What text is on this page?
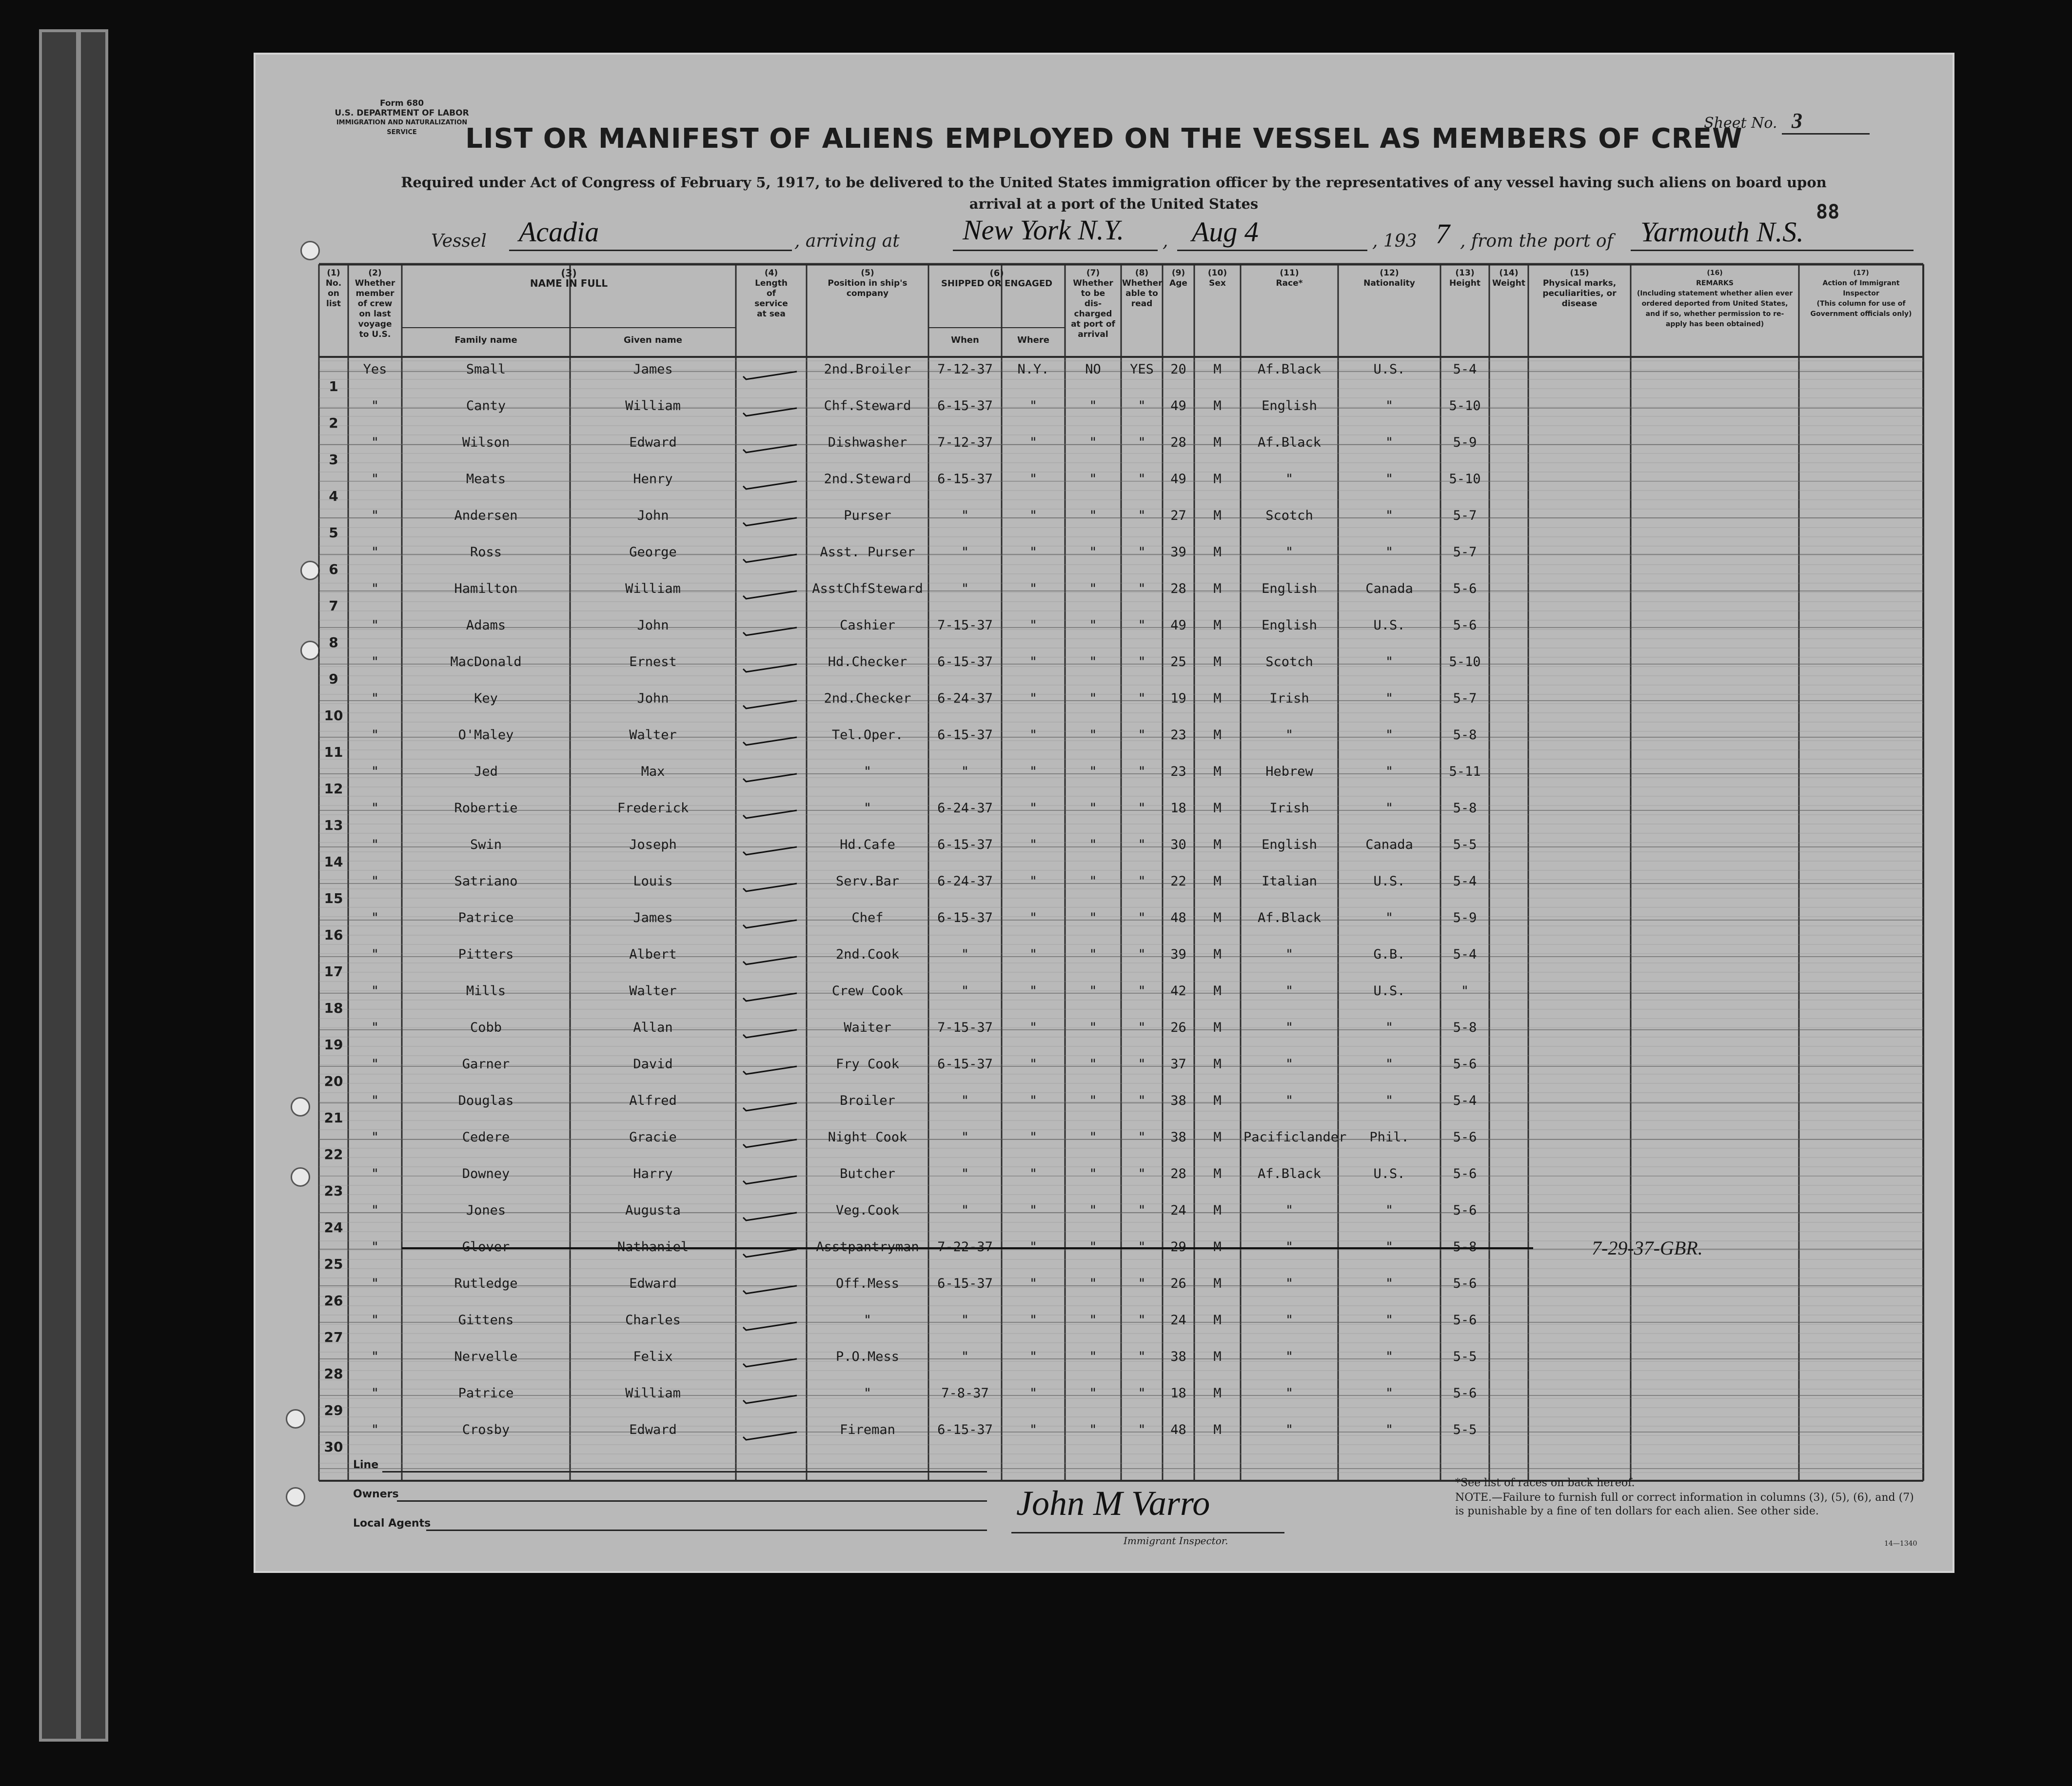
Form 680
U.S. DEPARTMENT OF LABOR
IMMIGRATION AND NATURALIZATION SERVICE
Sheet No. 3
LIST OR MANIFEST OF ALIENS EMPLOYED ON THE VESSEL AS MEMBERS OF CREW
Required under Act of Congress of February 5, 1917, to be delivered to the United States immigration officer by the representatives of any vessel having such aliens on board upon arrival at a port of the United States	88
Vessel Acadia	, arriving at New York N.Y. , Aug 4	, 193 7 , from the port of Yarmouth N.S.
(1)
No.
on
list
(2)
Whether
member
of crew
on last
voyage
to U.S.
(4)
Length
of
service
at sea
(5)
Position in ship's
company
(7)
Whether
to be
dis-
charged
at port of
arrival
(8)
Whether
able to
read
(9)
Age
(10)
Sex
(11)
Race*
(12)
Nationality
(13)
Height
(14)
Weight
(15)
Physical marks,
peculiarities, or
disease
(16)
REMARKS
(Including statement whether alien ever
ordered deported from United States,
and if so, whether permission to re-
apply has been obtained)
(17)
Action of Immigrant
Inspector
(This column for use of
Government officials only)
(3)
NAME IN FULL
Family name	Given name
(6)
SHIPPED OR ENGAGED
When	Where
1
Yes	Small	James	2nd.Broiler	7-12-37	N.Y.	NO	YES	20	M	Af.Black	U.S.	5-4
2
"	Canty	William	Chf.Steward	6-15-37	"	"	"	49	M	English	"	5-10
3
"	Wilson	Edward	Dishwasher	7-12-37	"	"	"	28	M	Af.Black	"	5-9
4
"	Meats	Henry	2nd.Steward	6-15-37	"	"	"	49	M	"	"	5-10
5
"	Andersen	John	Purser	"	"	"	"	27	M	Scotch	"	5-7
6
"	Ross	George	Asst. Purser	"	"	"	"	39	M	"	"	5-7
7
"	Hamilton	William	AsstChfSteward	"	"	"	"	28	M	English	Canada	5-6
8
"	Adams	John	Cashier	7-15-37	"	"	"	49	M	English	U.S.	5-6
9
"	MacDonald	Ernest	Hd.Checker	6-15-37	"	"	"	25	M	Scotch	"	5-10
10
"	Key	John	2nd.Checker	6-24-37	"	"	"	19	M	Irish	"	5-7
11
"	O'Maley	Walter	Tel.Oper.	6-15-37	"	"	"	23	M	"	"	5-8
12
"	Jed	Max	"	"	"	"	"	23	M	Hebrew	"	5-11
13
"	Robertie	Frederick	"	6-24-37	"	"	"	18	M	Irish	"	5-8
14
"	Swin	Joseph	Hd.Cafe	6-15-37	"	"	"	30	M	English	Canada	5-5
15
"	Satriano	Louis	Serv.Bar	6-24-37	"	"	"	22	M	Italian	U.S.	5-4
16
"	Patrice	James	Chef	6-15-37	"	"	"	48	M	Af.Black	"	5-9
17
"	Pitters	Albert	2nd.Cook	"	"	"	"	39	M	"	G.B.	5-4
18
"	Mills	Walter	Crew Cook	"	"	"	"	42	M	"	U.S.	"
19
"	Cobb	Allan	Waiter	7-15-37	"	"	"	26	M	"	"	5-8
20
"	Garner	David	Fry Cook	6-15-37	"	"	"	37	M	"	"	5-6
21
"	Douglas	Alfred	Broiler	"	"	"	"	38	M	"	"	5-4
22
"	Cedere	Gracie	Night Cook	"	"	"	"	38	M	Pacificlander	Phil.	5-6
23
"	Downey	Harry	Butcher	"	"	"	"	28	M	Af.Black	U.S.	5-6
24
"	Jones	Augusta	Veg.Cook	"	"	"	"	24	M	"	"	5-6
25
"	Glover	Nathaniel	Asstpantryman	7-22-37	"	"	"	29	M	"	"	5-8	7-29-37-GBR.
26
"	Rutledge	Edward	Off.Mess	6-15-37	"	"	"	26	M	"	"	5-6
27
"	Gittens	Charles	"	"	"	"	"	24	M	"	"	5-6
28
"	Nervelle	Felix	P.O.Mess	"	"	"	"	38	M	"	"	5-5
29
"	Patrice	William	"	7-8-37	"	"	"	18	M	"	"	5-6
30
"	Crosby	Edward	Fireman	6-15-37	"	"	"	48	M	"	"	5-5
Line
Owners
Local Agents
John M Varro
Immigrant Inspector.
*See list of races on back hereof.
NOTE.—Failure to furnish full or correct information in columns (3), (5), (6), and (7) is punishable by a fine of ten dollars for each alien. See other side.
14—1340
